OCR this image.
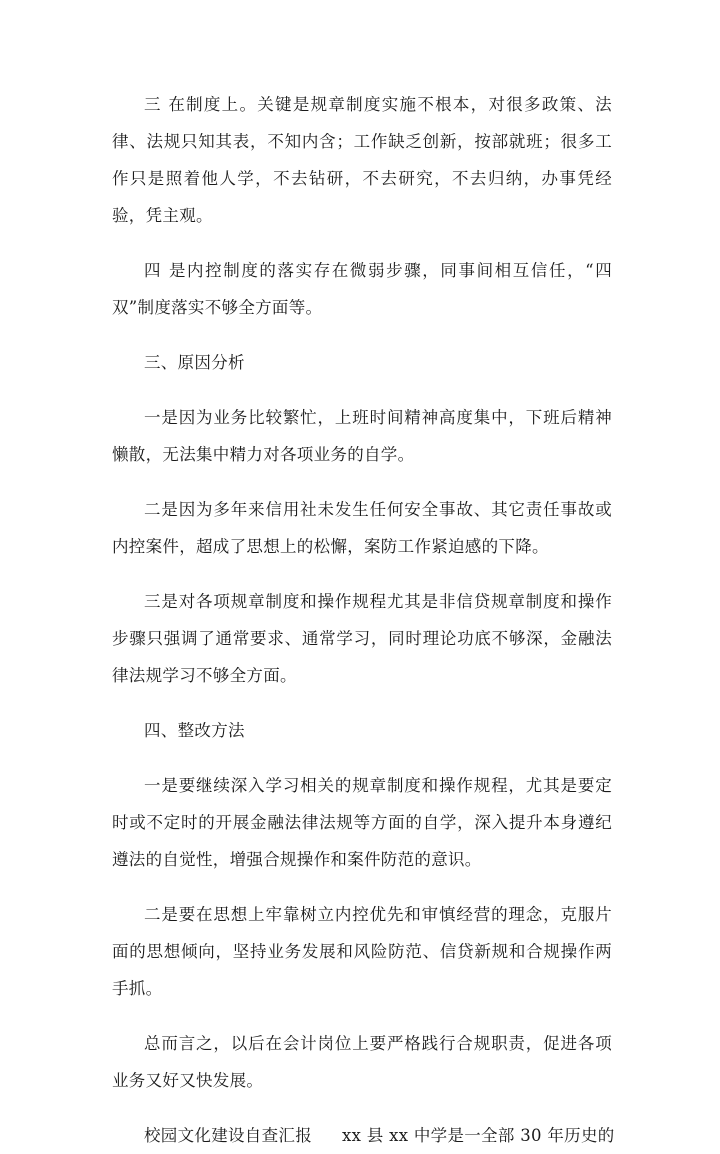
三 在制度上。关键是规章制度实施不根本，对很多政策、法律、法规只知其表，不知内含；工作缺乏创新，按部就班；很多工作只是照着他人学，不去钻研，不去研究，不去归纳，办事凭经验，凭主观。

四 是内控制度的落实存在微弱步骤，同事间相互信任，“四双”制度落实不够全方面等。

三、原因分析

一是因为业务比较繁忙，上班时间精神高度集中，下班后精神懒散，无法集中精力对各项业务的自学。

二是因为多年来信用社未发生任何安全事故、其它责任事故或内控案件，超成了思想上的松懈，案防工作紧迫感的下降。

三是对各项规章制度和操作规程尤其是非信贷规章制度和操作步骤只强调了通常要求、通常学习，同时理论功底不够深，金融法律法规学习不够全方面。

四、整改方法

一是要继续深入学习相关的规章制度和操作规程，尤其是要定时或不定时的开展金融法律法规等方面的自学，深入提升本身遵纪遵法的自觉性，增强合规操作和案件防范的意识。

二是要在思想上牢靠树立内控优先和审慎经营的理念，克服片面的思想倾向，坚持业务发展和风险防范、信贷新规和合规操作两手抓。

总而言之，以后在会计岗位上要严格践行合规职责，促进各项业务又好又快发展。

校园文化建设自查汇报 xx 县 xx 中学是一全部 30 年历史的
